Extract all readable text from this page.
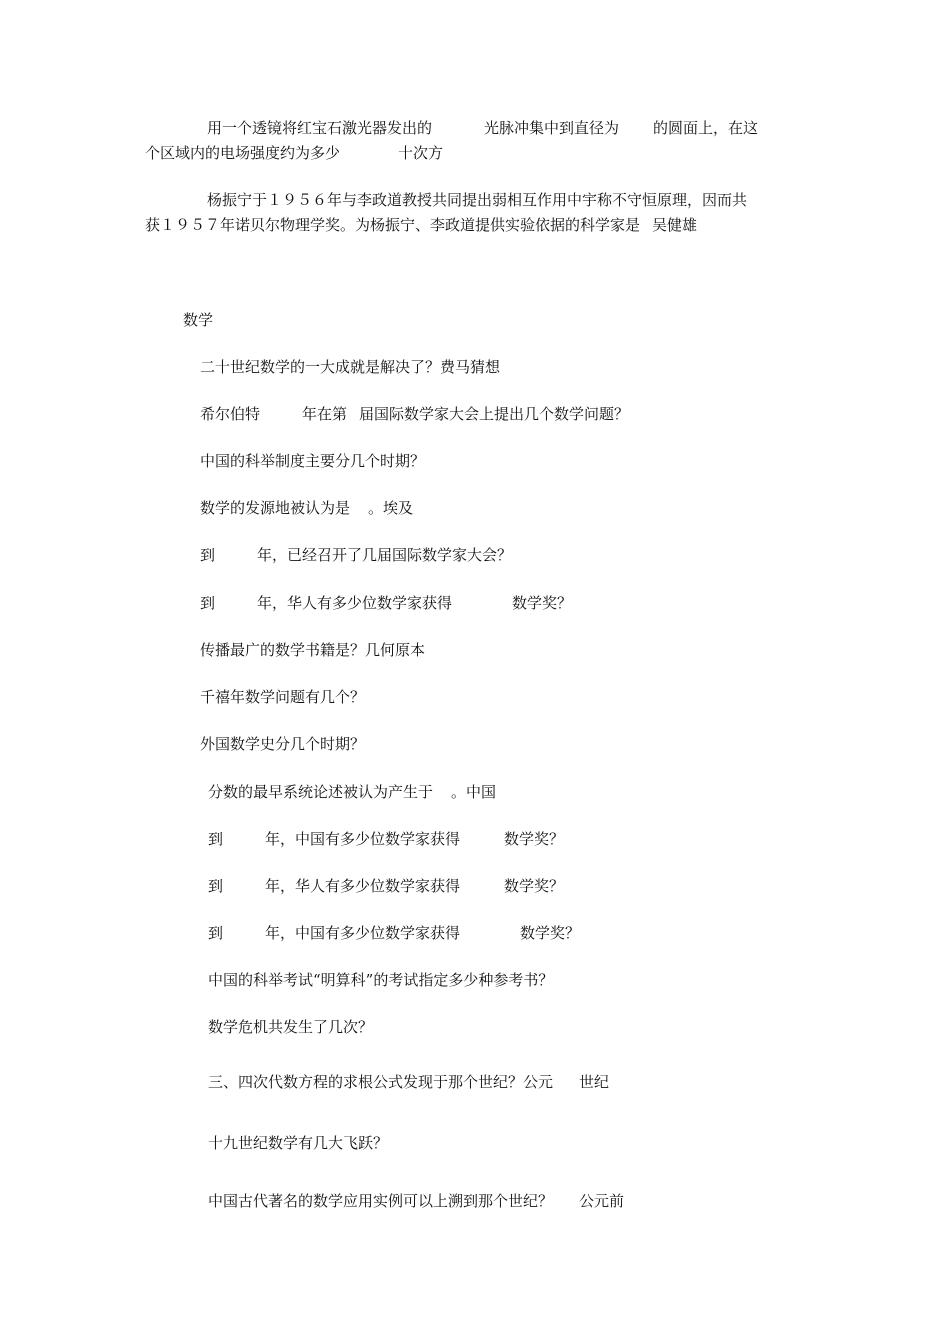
用一个透镜将红宝石激光器发出的	光脉冲集中到直径为 的圆面上，在这
个区域内的电场强度约为多少	十次方
杨振宁于１９５６年与李政道教授共同提出弱相互作用中宇称不守恒原理，因而共
获１９５７年诺贝尔物理学奖。为杨振宁、李政道提供实验依据的科学家是 吴健雄
数学
二十世纪数学的一大成就是解决了？费马猜想
希尔伯特	年在第 届国际数学家大会上提出几个数学问题？
中国的科举制度主要分几个时期？
数学的发源地被认为是 。埃及
到	年，已经召开了几届国际数学家大会？
到	年，华人有多少位数学家获得	数学奖？
传播最广的数学书籍是？几何原本
千禧年数学问题有几个？
外国数学史分几个时期？
分数的最早系统论述被认为产生于 。中国
到	年，中国有多少位数学家获得	数学奖？
到	年，华人有多少位数学家获得	数学奖？
到	年，中国有多少位数学家获得	数学奖？
中国的科举考试“明算科”的考试指定多少种参考书？
数学危机共发生了几次？
三、四次代数方程的求根公式发现于那个世纪？公元 世纪
十九世纪数学有几大飞跃？
中国古代著名的数学应用实例可以上溯到那个世纪？ 公元前
